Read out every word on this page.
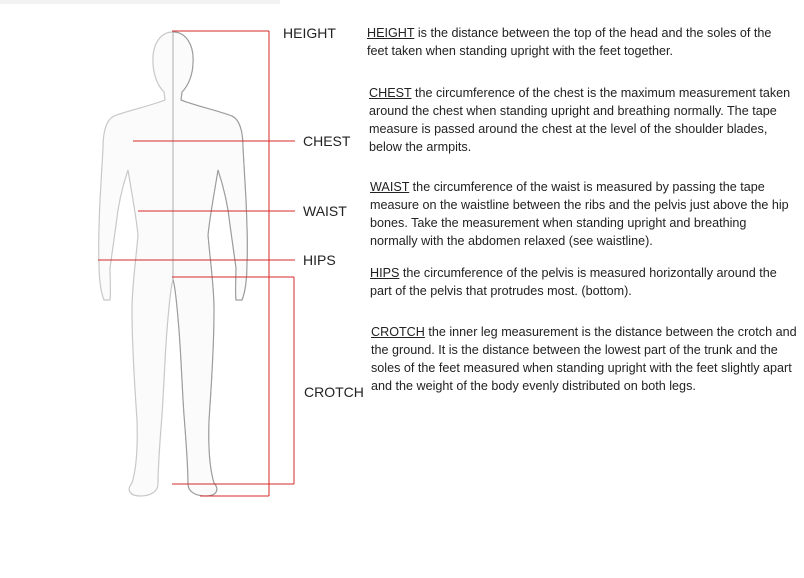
HEIGHT
CHEST
WAIST
HIPS
CROTCH

HEIGHT is the distance between the top of the head and the soles of the feet taken when standing upright with the feet together.

CHEST the circumference of the chest is the maximum measurement taken around the chest when standing upright and breathing normally. The tape measure is passed around the chest at the level of the shoulder blades, below the armpits.

WAIST the circumference of the waist is measured by passing the tape measure on the waistline between the ribs and the pelvis just above the hip bones. Take the measurement when standing upright and breathing normally with the abdomen relaxed (see waistline).

HIPS the circumference of the pelvis is measured horizontally around the part of the pelvis that protrudes most. (bottom).

CROTCH the inner leg measurement is the distance between the crotch and the ground. It is the distance between the lowest part of the trunk and the soles of the feet measured when standing upright with the feet slightly apart and the weight of the body evenly distributed on both legs.
